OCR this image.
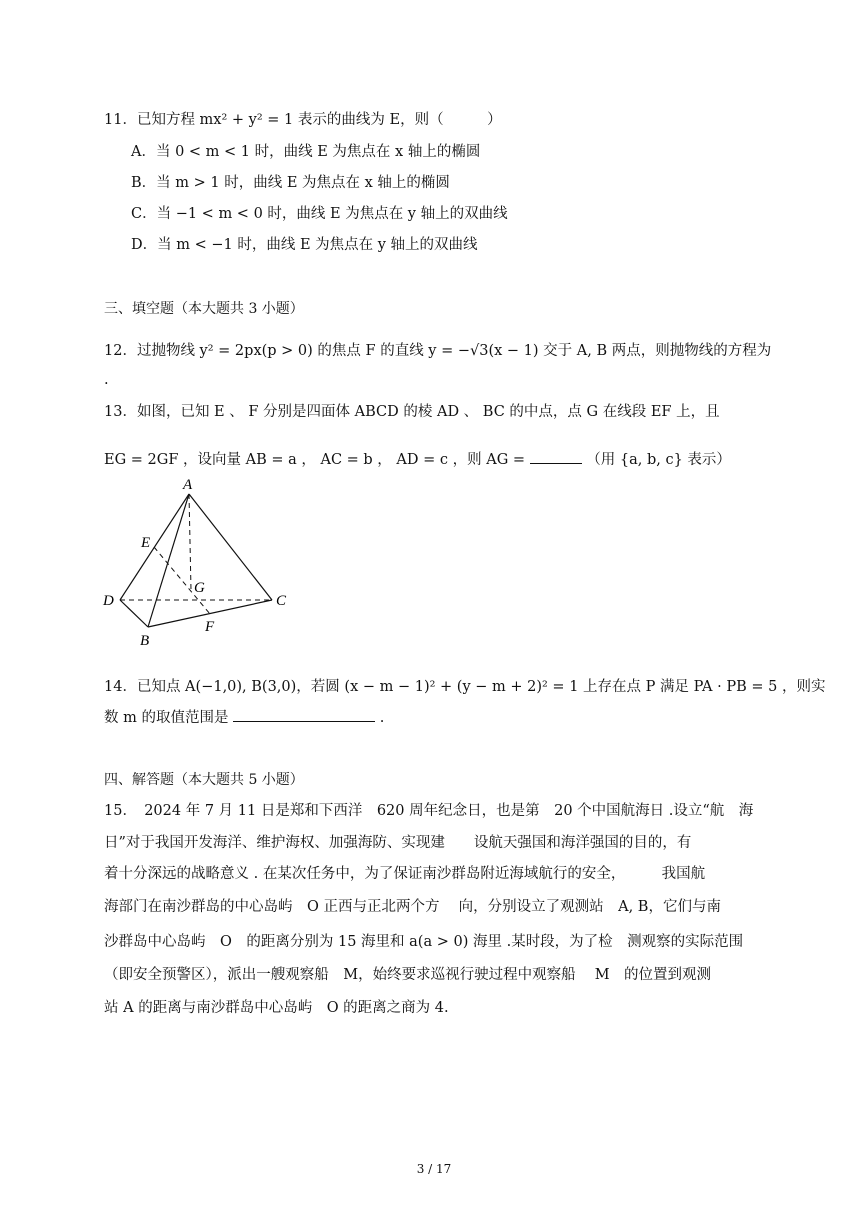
11．已知方程 mx² + y² = 1 表示的曲线为 E，则（　　　）
A．当 0 < m < 1 时，曲线 E 为焦点在 x 轴上的椭圆
B．当 m > 1 时，曲线 E 为焦点在 x 轴上的椭圆
C．当 −1 < m < 0 时，曲线 E 为焦点在 y 轴上的双曲线
D．当 m < −1 时，曲线 E 为焦点在 y 轴上的双曲线
三、填空题（本大题共 3 小题）
12．过抛物线 y² = 2px(p > 0) 的焦点 F 的直线 y = −√3(x − 1) 交于 A, B 两点，则抛物线的方程为
.
13．如图，已知 E 、 F 分别是四面体 ABCD 的棱 AD 、 BC 的中点，点 G 在线段 EF 上，且
EG = 2GF ，设向量 AB = a ， AC = b ， AD = c ，则 AG =	（用 {a, b, c} 表示）
A
E
G
D	C
B
F
14．已知点 A(−1,0), B(3,0)，若圆 (x − m − 1)² + (y − m + 2)² = 1 上存在点 P 满足 PA · PB = 5 ，则实
数 m 的取值范围是	.
四、解答题（本大题共 5 小题）
15．　2024 年 7 月 11 日是郑和下西洋　620 周年纪念日，也是第　20 个中国航海日 .设立“航　海
日”对于我国开发海洋、维护海权、加强海防、实现建　　设航天强国和海洋强国的目的，有
着十分深远的战略意义 . 在某次任务中，为了保证南沙群岛附近海域航行的安全，　　　我国航
海部门在南沙群岛的中心岛屿　O 正西与正北两个方　 向，分别设立了观测站　A, B，它们与南
沙群岛中心岛屿　O　的距离分别为 15 海里和 a(a > 0) 海里 .某时段，为了检　测观察的实际范围
（即安全预警区），派出一艘观察船　M，始终要求巡视行驶过程中观察船　 M　的位置到观测
站 A 的距离与南沙群岛中心岛屿　O 的距离之商为 4.
3 / 17
